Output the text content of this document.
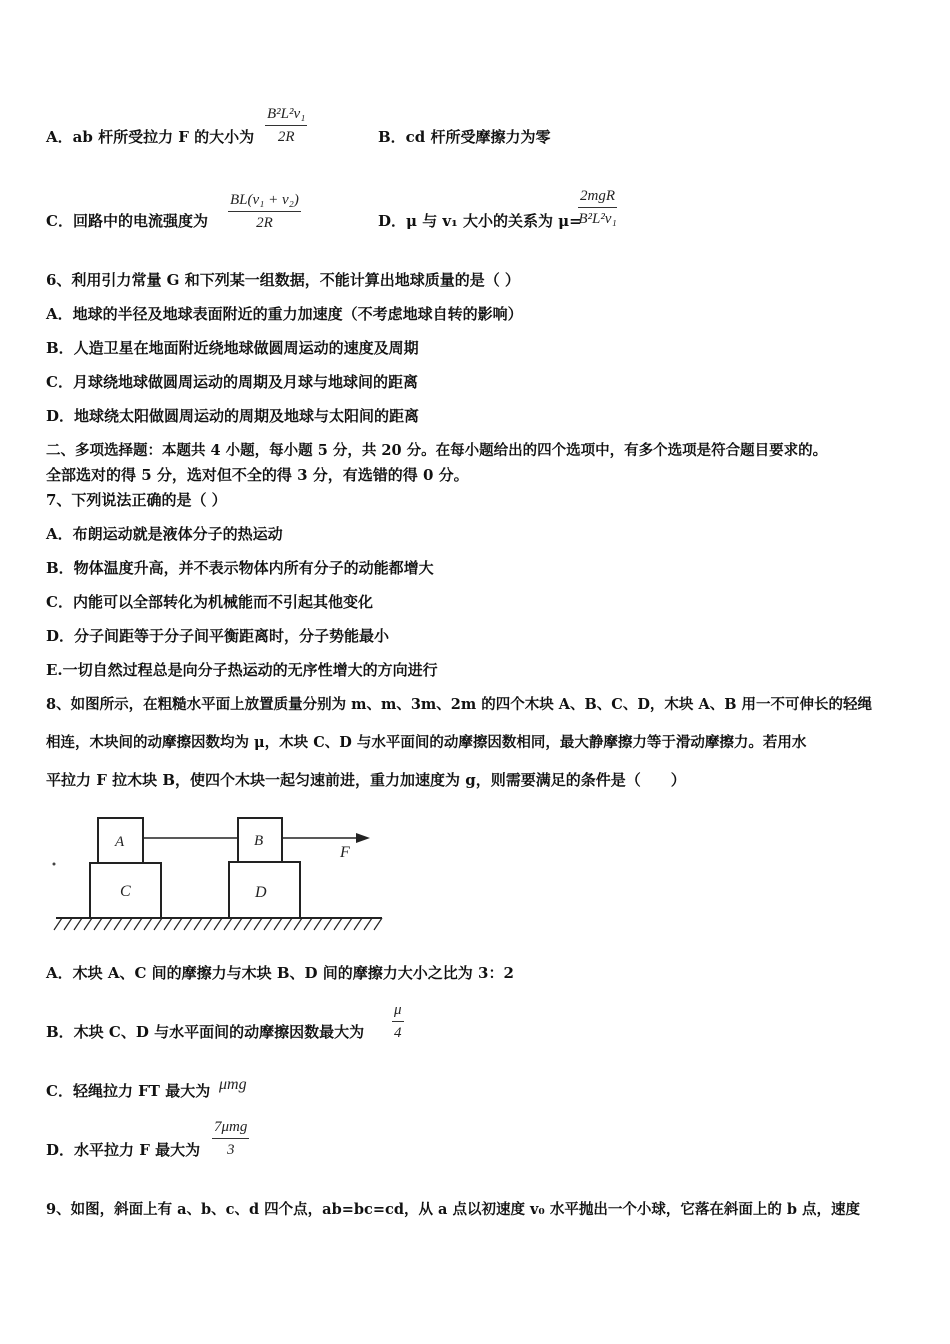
A．ab 杆所受拉力 F 的大小为
B²L²v₁
2R	B．cd 杆所受摩擦力为零
C．回路中的电流强度为
BL(v₁ + v₂)
2R	D．μ 与 v₁ 大小的关系为 μ=
2mgR
B²L²v₁
6、利用引力常量 G 和下列某一组数据，不能计算出地球质量的是（ ）
A．地球的半径及地球表面附近的重力加速度（不考虑地球自转的影响）
B．人造卫星在地面附近绕地球做圆周运动的速度及周期
C．月球绕地球做圆周运动的周期及月球与地球间的距离
D．地球绕太阳做圆周运动的周期及地球与太阳间的距离
二、多项选择题：本题共 4 小题，每小题 5 分，共 20 分。在每小题给出的四个选项中，有多个选项是符合题目要求的。
全部选对的得 5 分，选对但不全的得 3 分，有选错的得 0 分。
7、下列说法正确的是（ ）
A．布朗运动就是液体分子的热运动
B．物体温度升高，并不表示物体内所有分子的动能都增大
C．内能可以全部转化为机械能而不引起其他变化
D．分子间距等于分子间平衡距离时，分子势能最小
E.一切自然过程总是向分子热运动的无序性增大的方向进行
8、如图所示，在粗糙水平面上放置质量分别为 m、m、3m、2m 的四个木块 A、B、C、D，木块 A、B 用一不可伸长的轻绳
相连，木块间的动摩擦因数均为 μ，木块 C、D 与水平面间的动摩擦因数相同，最大静摩擦力等于滑动摩擦力。若用水
平拉力 F 拉木块 B，使四个木块一起匀速前进，重力加速度为 g，则需要满足的条件是（　　）
C
A
D
B
F
A．木块 A、C 间的摩擦力与木块 B、D 间的摩擦力大小之比为 3：2
B．木块 C、D 与水平面间的动摩擦因数最大为
μ
4
C．轻绳拉力 FT 最大为 μmg
D．水平拉力 F 最大为
7μmg
3
9、如图，斜面上有 a、b、c、d 四个点，ab=bc=cd，从 a 点以初速度 v₀ 水平抛出一个小球，它落在斜面上的 b 点，速度
